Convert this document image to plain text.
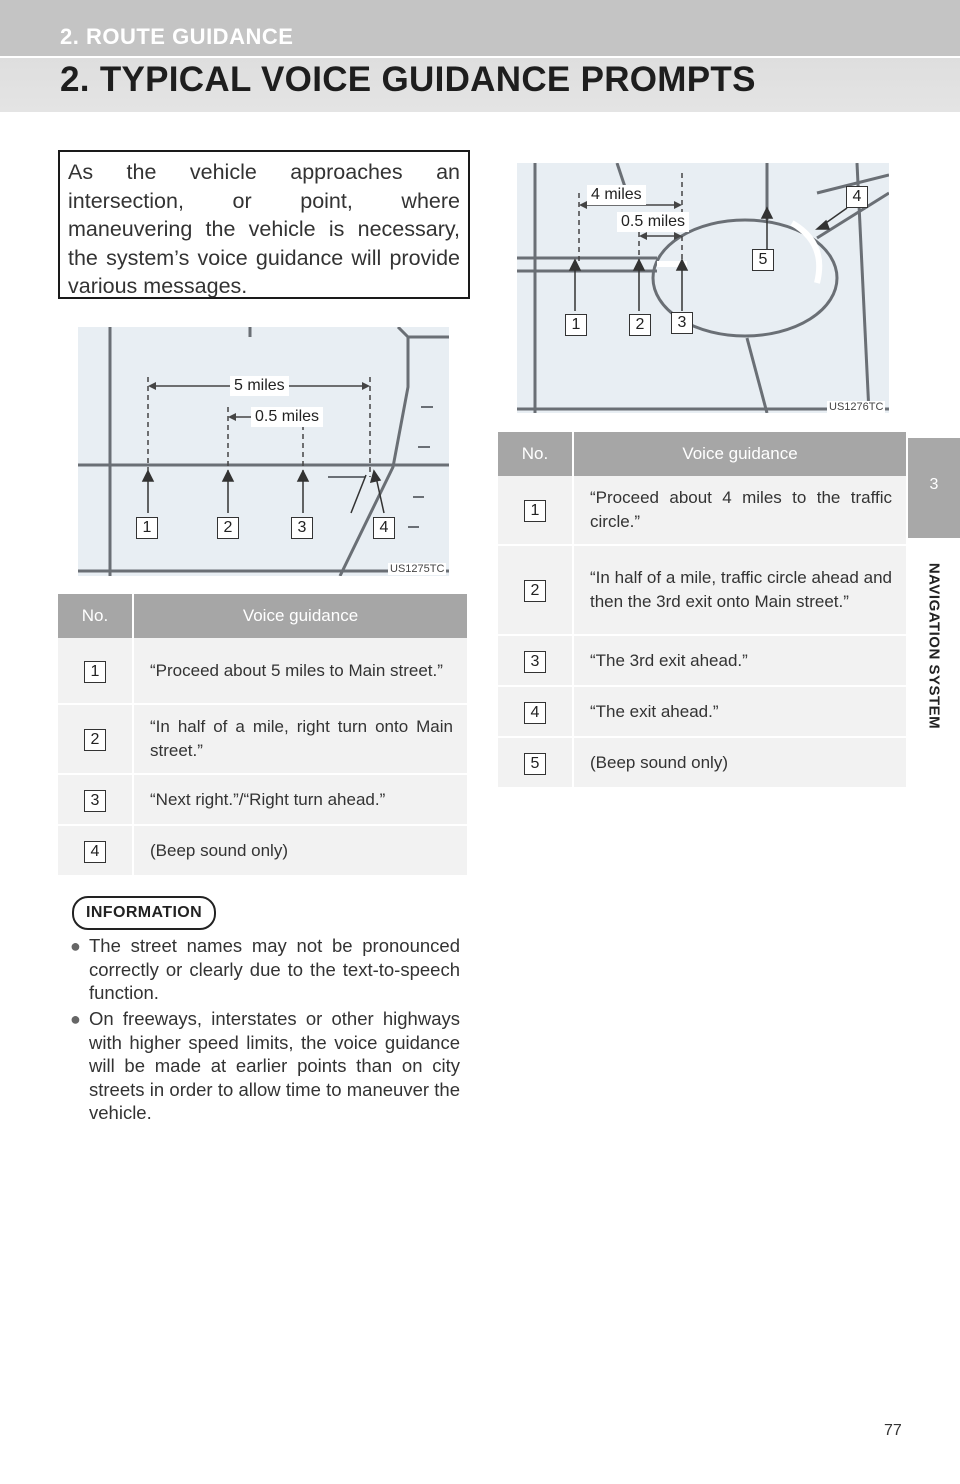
2. ROUTE GUIDANCE
2. TYPICAL VOICE GUIDANCE PROMPTS
3
NAVIGATION SYSTEM
As the vehicle approaches an intersection, or point, where maneuvering the vehicle is necessary, the system’s voice guidance will provide various messages.
5 miles
0.5 miles
1	2	3	4
US1275TC
No.	Voice guidance
1	“Proceed about 5 miles to Main street.”
2	“In half of a mile, right turn onto Main street.”
3	“Next right.”/“Right turn ahead.”
4	(Beep sound only)
INFORMATION
● The street names may not be pronounced correctly or clearly due to the text-to-speech function.
● On freeways, interstates or other highways with higher speed limits, the voice guidance will be made at earlier points than on city streets in order to allow time to maneuver the vehicle.
4 miles
0.5 miles
1	2	3
4
5
US1276TC
No.	Voice guidance
1	“Proceed about 4 miles to the traffic circle.”
2	“In half of a mile, traffic circle ahead and then the 3rd exit onto Main street.”
3	“The 3rd exit ahead.”
4	“The exit ahead.”
5	(Beep sound only)
77
